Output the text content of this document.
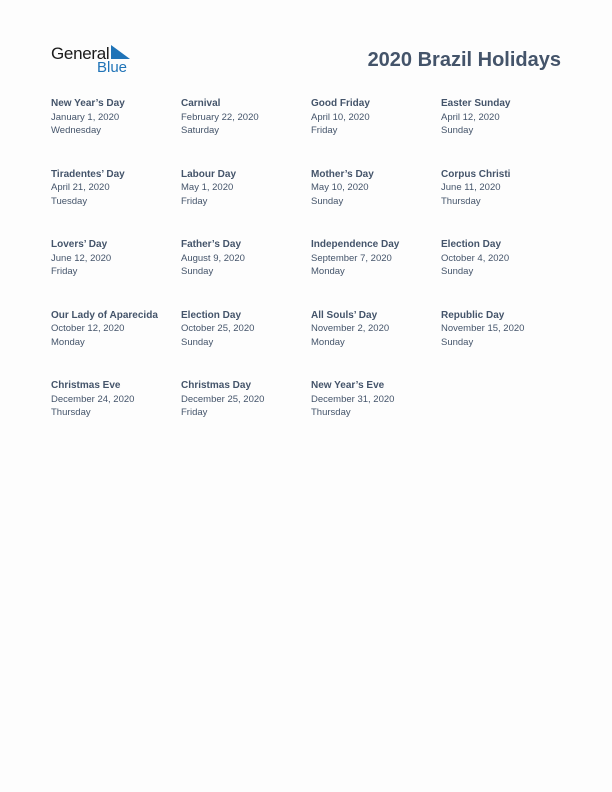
General
Blue	2020 Brazil Holidays
New Year’s Day
January 1, 2020
Wednesday
Carnival
February 22, 2020
Saturday
Good Friday
April 10, 2020
Friday
Easter Sunday
April 12, 2020
Sunday
Tiradentes’ Day
April 21, 2020
Tuesday
Labour Day
May 1, 2020
Friday
Mother’s Day
May 10, 2020
Sunday
Corpus Christi
June 11, 2020
Thursday
Lovers’ Day
June 12, 2020
Friday
Father’s Day
August 9, 2020
Sunday
Independence Day
September 7, 2020
Monday
Election Day
October 4, 2020
Sunday
Our Lady of Aparecida
October 12, 2020
Monday
Election Day
October 25, 2020
Sunday
All Souls’ Day
November 2, 2020
Monday
Republic Day
November 15, 2020
Sunday
Christmas Eve
December 24, 2020
Thursday
Christmas Day
December 25, 2020
Friday
New Year’s Eve
December 31, 2020
Thursday
